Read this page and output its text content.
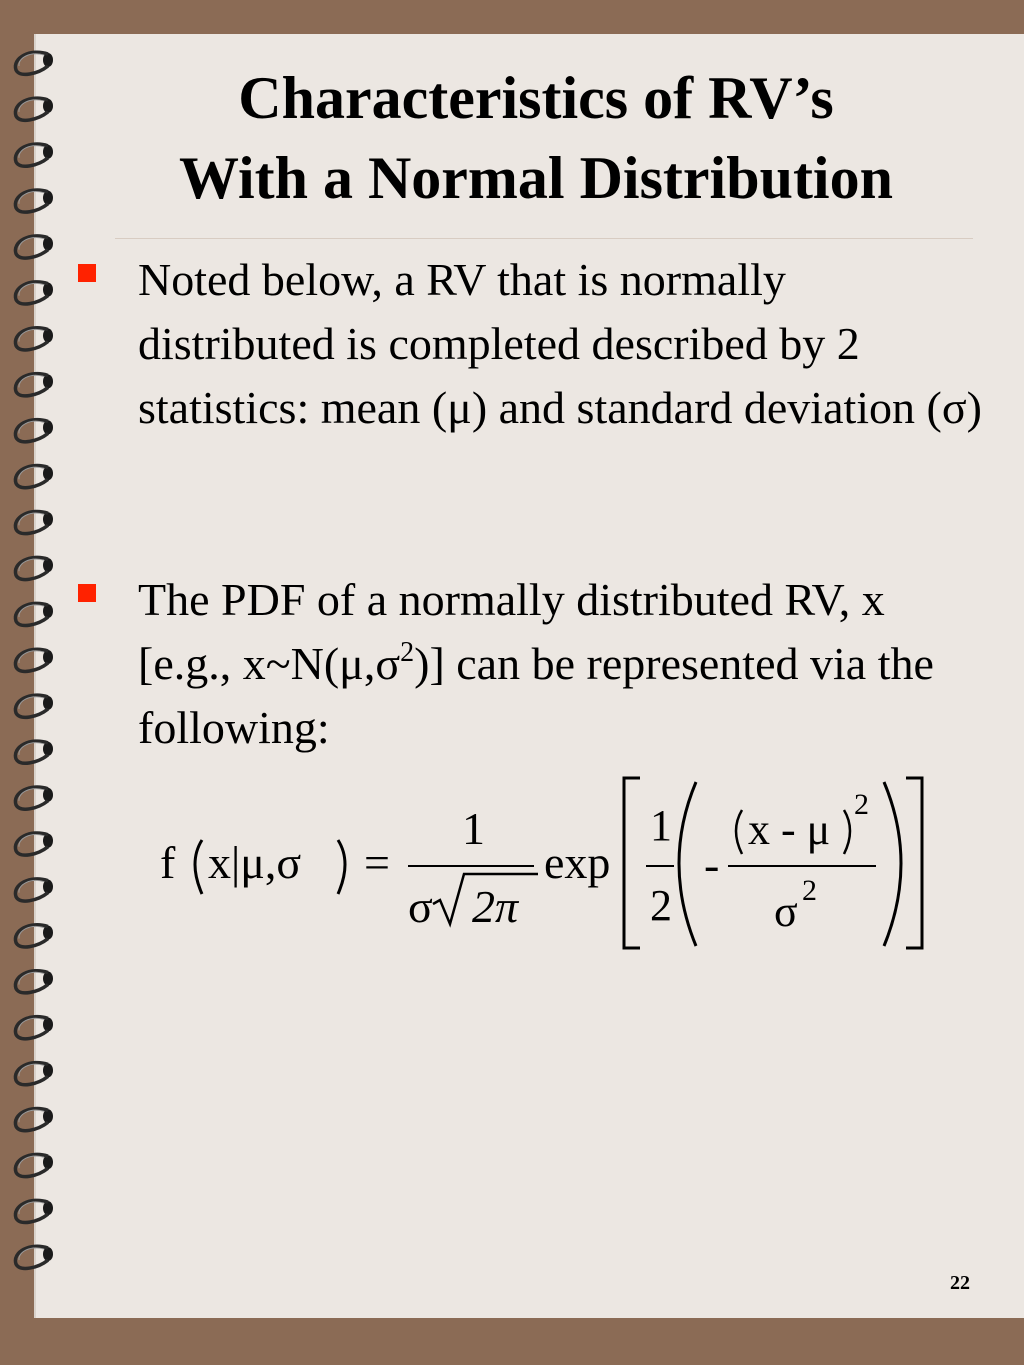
Characteristics of RV’s
With a Normal Distribution
Noted below, a RV that is normally distributed is completed described by 2 statistics: mean (μ) and standard deviation (σ)
The PDF of a normally distributed RV, x [e.g., $x\sim N(\mu,\sigma^2)$] can be represented via the following:
f x|μ,σ =
1
σ 2π
exp
1
2
-
x - μ
2
σ 2
22
